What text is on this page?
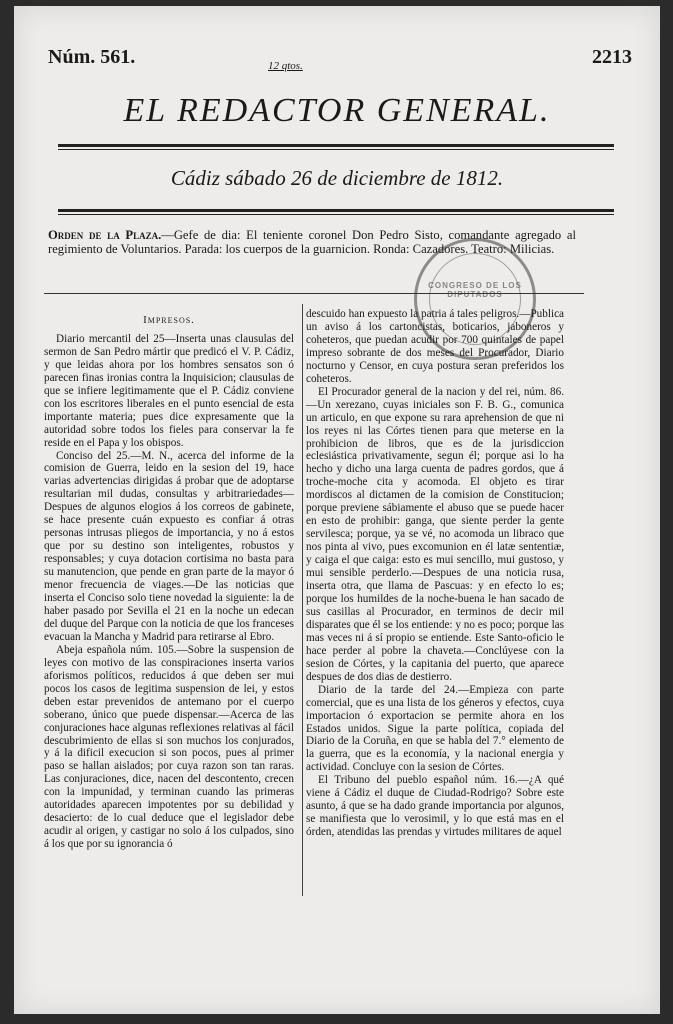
Núm. 561.	12 qtos.	2213
EL REDACTOR GENERAL.
Cádiz sábado 26 de diciembre de 1812.
Orden de la Plaza.—Gefe de dia: El teniente coronel Don Pedro Sisto, comandante agregado al regimiento de Voluntarios. Parada: los cuerpos de la guarnicion. Ronda: Cazadores. Teatro: Milicias.
CONGRESO DE LOS DIPUTADOS
Impresos.

Diario mercantil del 25—Inserta unas clausulas del sermon de San Pedro mártir que predicó el V. P. Cádiz, y que leidas ahora por los hombres sensatos son ó parecen finas ironias contra la Inquisicion; clausulas de que se infiere legitimamente que el P. Cádiz conviene con los escritores liberales en el punto esencial de esta importante materia; pues dice expresamente que la autoridad sobre todos los fieles para conservar la fe reside en el Papa y los obispos.

Conciso del 25.—M. N., acerca del informe de la comision de Guerra, leido en la sesion del 19, hace varias advertencias dirigidas á probar que de adoptarse resultarian mil dudas, consultas y arbitrariedades—Despues de algunos elogios á los correos de gabinete, se hace presente cuán expuesto es confiar á otras personas intrusas pliegos de importancia, y no á estos que por su destino son inteligentes, robustos y responsables; y cuya dotacion cortisima no basta para su manutencion, que pende en gran parte de la mayor ó menor frecuencia de viages.—De las noticias que inserta el Conciso solo tiene novedad la siguiente: la de haber pasado por Sevilla el 21 en la noche un edecan del duque del Parque con la noticia de que los franceses evacuan la Mancha y Madrid para retirarse al Ebro.

Abeja española núm. 105.—Sobre la suspension de leyes con motivo de las conspiraciones inserta varios aforismos políticos, reducidos á que deben ser mui pocos los casos de legitima suspension de lei, y estos deben estar prevenidos de antemano por el cuerpo soberano, único que puede dispensar.—Acerca de las conjuraciones hace algunas reflexiones relativas al fácil descubrimiento de ellas si son muchos los conjurados, y á la dificil execucion si son pocos, pues al primer paso se hallan aislados; por cuya razon son tan raras. Las conjuraciones, dice, nacen del descontento, crecen con la impunidad, y terminan cuando las primeras autoridades aparecen impotentes por su debilidad y desacierto: de lo cual deduce que el legislador debe acudir al origen, y castigar no solo á los culpados, sino á los que por su ignorancia ó

descuido han expuesto la patria á tales peligros.—Publica un aviso á los cartoncistas, boticarios, jaboneros y coheteros, que puedan acudir por 700 quintales de papel impreso sobrante de dos meses del Procurador, Diario nocturno y Censor, en cuya postura seran preferidos los coheteros.

El Procurador general de la nacion y del rei, núm. 86.—Un xerezano, cuyas iniciales son F. B. G., comunica un articulo, en que expone su rara aprehension de que ni los reyes ni las Córtes tienen para que meterse en la prohibicion de libros, que es de la jurisdiccion eclesiástica privativamente, segun él; porque asi lo ha hecho y dicho una larga cuenta de padres gordos, que á troche-moche cita y acomoda. El objeto es tirar mordiscos al dictamen de la comision de Constitucion; porque previene sábiamente el abuso que se puede hacer en esto de prohibir: ganga, que siente perder la gente servilesca; porque, ya se vé, no acomoda un libraco que nos pinta al vivo, pues excomunion en él latæ sententiæ, y caiga el que caiga: esto es mui sencillo, mui gustoso, y mui sensible perderlo.—Despues de una noticia rusa, inserta otra, que llama de Pascuas: y en efecto lo es; porque los humildes de la noche-buena le han sacado de sus casillas al Procurador, en terminos de decir mil disparates que él se los entiende: y no es poco; porque las mas veces ni á sí propio se entiende. Este Santo-oficio le hace perder al pobre la chaveta.—Conclúyese con la sesion de Córtes, y la capitania del puerto, que aparece despues de dos dias de destierro.

Diario de la tarde del 24.—Empieza con parte comercial, que es una lista de los géneros y efectos, cuya importacion ó exportacion se permite ahora en los Estados unidos. Sigue la parte política, copiada del Diario de la Coruña, en que se habla del 7.° elemento de la guerra, que es la economía, y la nacional energia y actividad. Concluye con la sesion de Córtes.

El Tribuno del pueblo español núm. 16.—¿A qué viene á Cádiz el duque de Ciudad-Rodrigo? Sobre este asunto, á que se ha dado grande importancia por algunos, se manifiesta que lo verosimil, y lo que está mas en el órden, atendidas las prendas y virtudes militares de aquel
